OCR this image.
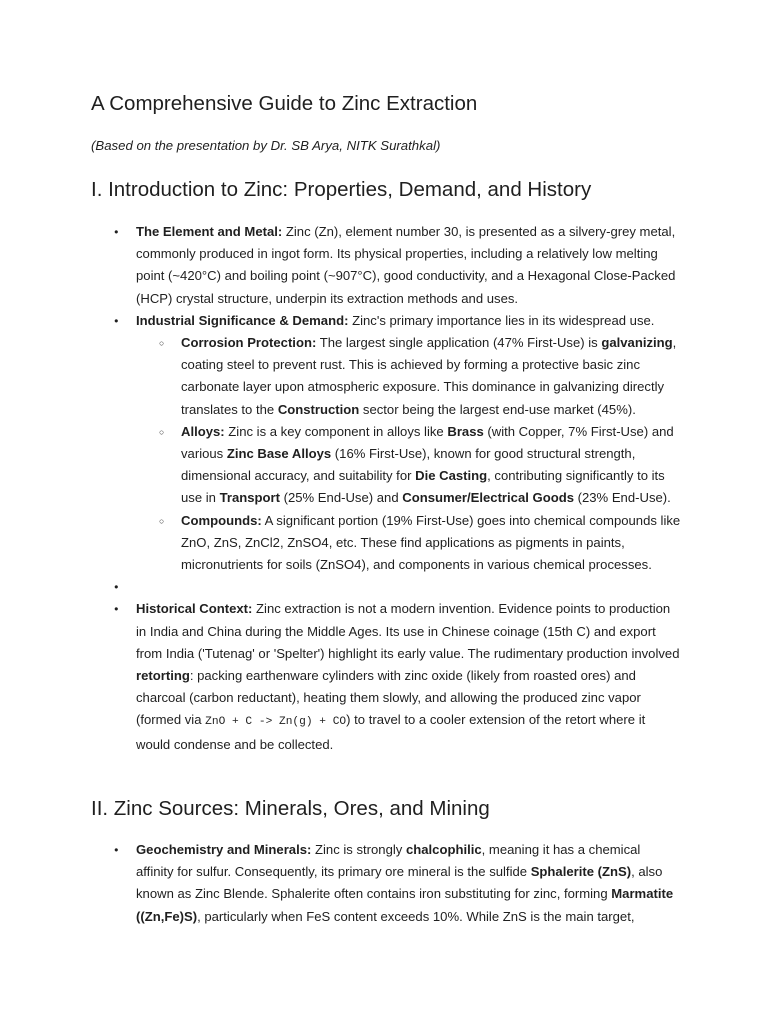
A Comprehensive Guide to Zinc Extraction

(Based on the presentation by Dr. SB Arya, NITK Surathkal)

I. Introduction to Zinc: Properties, Demand, and History
● The Element and Metal: Zinc (Zn), element number 30, is presented as a silvery-grey metal, commonly produced in ingot form. Its physical properties, including a relatively low melting point (~420°C) and boiling point (~907°C), good conductivity, and a Hexagonal Close-Packed (HCP) crystal structure, underpin its extraction methods and uses.
● Industrial Significance & Demand: Zinc's primary importance lies in its widespread use.
○ Corrosion Protection: The largest single application (47% First-Use) is galvanizing, coating steel to prevent rust. This is achieved by forming a protective basic zinc carbonate layer upon atmospheric exposure. This dominance in galvanizing directly translates to the Construction sector being the largest end-use market (45%).
○ Alloys: Zinc is a key component in alloys like Brass (with Copper, 7% First-Use) and various Zinc Base Alloys (16% First-Use), known for good structural strength, dimensional accuracy, and suitability for Die Casting, contributing significantly to its use in Transport (25% End-Use) and Consumer/Electrical Goods (23% End-Use).
○ Compounds: A significant portion (19% First-Use) goes into chemical compounds like ZnO, ZnS, ZnCl2, ZnSO4, etc. These find applications as pigments in paints, micronutrients for soils (ZnSO4), and components in various chemical processes.
●
● Historical Context: Zinc extraction is not a modern invention. Evidence points to production in India and China during the Middle Ages. Its use in Chinese coinage (15th C) and export from India ('Tutenag' or 'Spelter') highlight its early value. The rudimentary production involved retorting: packing earthenware cylinders with zinc oxide (likely from roasted ores) and charcoal (carbon reductant), heating them slowly, and allowing the produced zinc vapor (formed via ZnO + C -> Zn(g) + CO) to travel to a cooler extension of the retort where it would condense and be collected.
II. Zinc Sources: Minerals, Ores, and Mining
● Geochemistry and Minerals: Zinc is strongly chalcophilic, meaning it has a chemical affinity for sulfur. Consequently, its primary ore mineral is the sulfide Sphalerite (ZnS), also known as Zinc Blende. Sphalerite often contains iron substituting for zinc, forming Marmatite ((Zn,Fe)S), particularly when FeS content exceeds 10%. While ZnS is the main target,
